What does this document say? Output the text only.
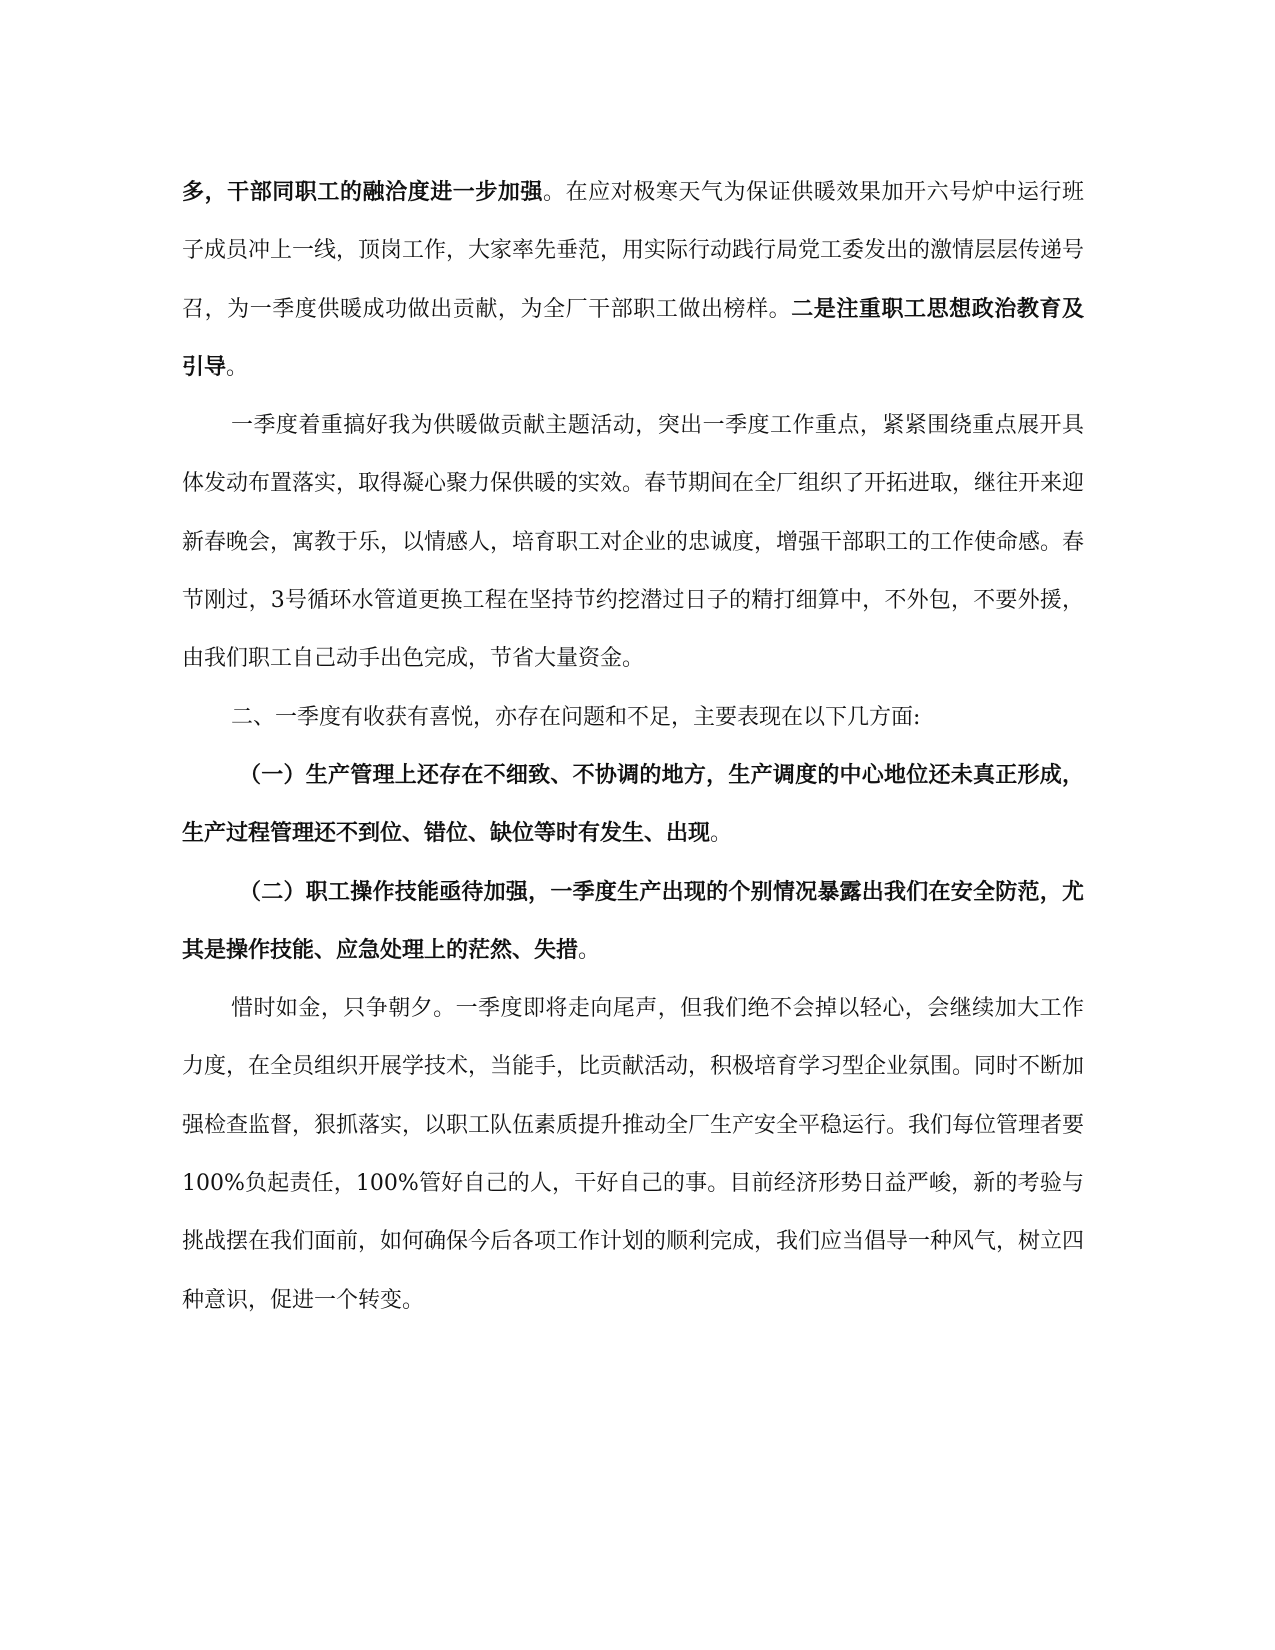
多，干部同职工的融洽度进一步加强。在应对极寒天气为保证供暖效果加开六号炉中运行班子成员冲上一线，顶岗工作，大家率先垂范，用实际行动践行局党工委发出的激情层层传递号召，为一季度供暖成功做出贡献，为全厂干部职工做出榜样。二是注重职工思想政治教育及引导。

一季度着重搞好我为供暖做贡献主题活动，突出一季度工作重点，紧紧围绕重点展开具体发动布置落实，取得凝心聚力保供暖的实效。春节期间在全厂组织了开拓进取，继往开来迎新春晚会，寓教于乐，以情感人，培育职工对企业的忠诚度，增强干部职工的工作使命感。春节刚过，3号循环水管道更换工程在坚持节约挖潜过日子的精打细算中，不外包，不要外援，由我们职工自己动手出色完成，节省大量资金。

二、一季度有收获有喜悦，亦存在问题和不足，主要表现在以下几方面:

（一）生产管理上还存在不细致、不协调的地方，生产调度的中心地位还未真正形成，生产过程管理还不到位、错位、缺位等时有发生、出现。

（二）职工操作技能亟待加强，一季度生产出现的个别情况暴露出我们在安全防范，尤其是操作技能、应急处理上的茫然、失措。

惜时如金，只争朝夕。一季度即将走向尾声，但我们绝不会掉以轻心，会继续加大工作力度，在全员组织开展学技术，当能手，比贡献活动，积极培育学习型企业氛围。同时不断加强检查监督，狠抓落实，以职工队伍素质提升推动全厂生产安全平稳运行。我们每位管理者要100%负起责任，100%管好自己的人，干好自己的事。目前经济形势日益严峻，新的考验与挑战摆在我们面前，如何确保今后各项工作计划的顺利完成，我们应当倡导一种风气，树立四种意识，促进一个转变。
